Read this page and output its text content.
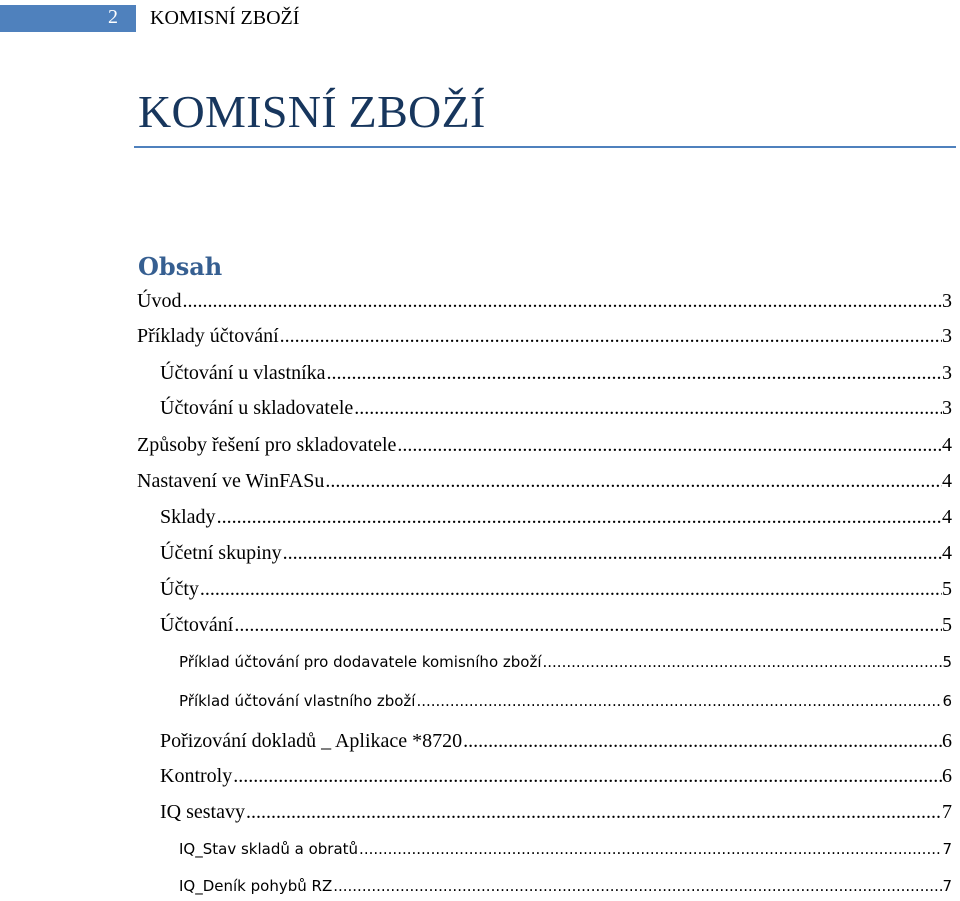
2 KOMISNÍ ZBOŽÍ
KOMISNÍ ZBOŽÍ
Obsah
Úvod .....	3
Příklady účtování .....	3
Účtování u vlastníka .....	3
Účtování u skladovatele .....	3
Způsoby řešení pro skladovatele .....	4
Nastavení ve WinFASu .....	4
Sklady .....	4
Účetní skupiny .....	4
Účty .....	5
Účtování .....	5
Příklad účtování pro dodavatele komisního zboží .....	5
Příklad účtování vlastního zboží .....	6
Pořizování dokladů _ Aplikace *8720 .....	6
Kontroly .....	6
IQ sestavy .....	7
IQ_Stav skladů a obratů .....	7
IQ_Deník pohybů RZ .....	7
